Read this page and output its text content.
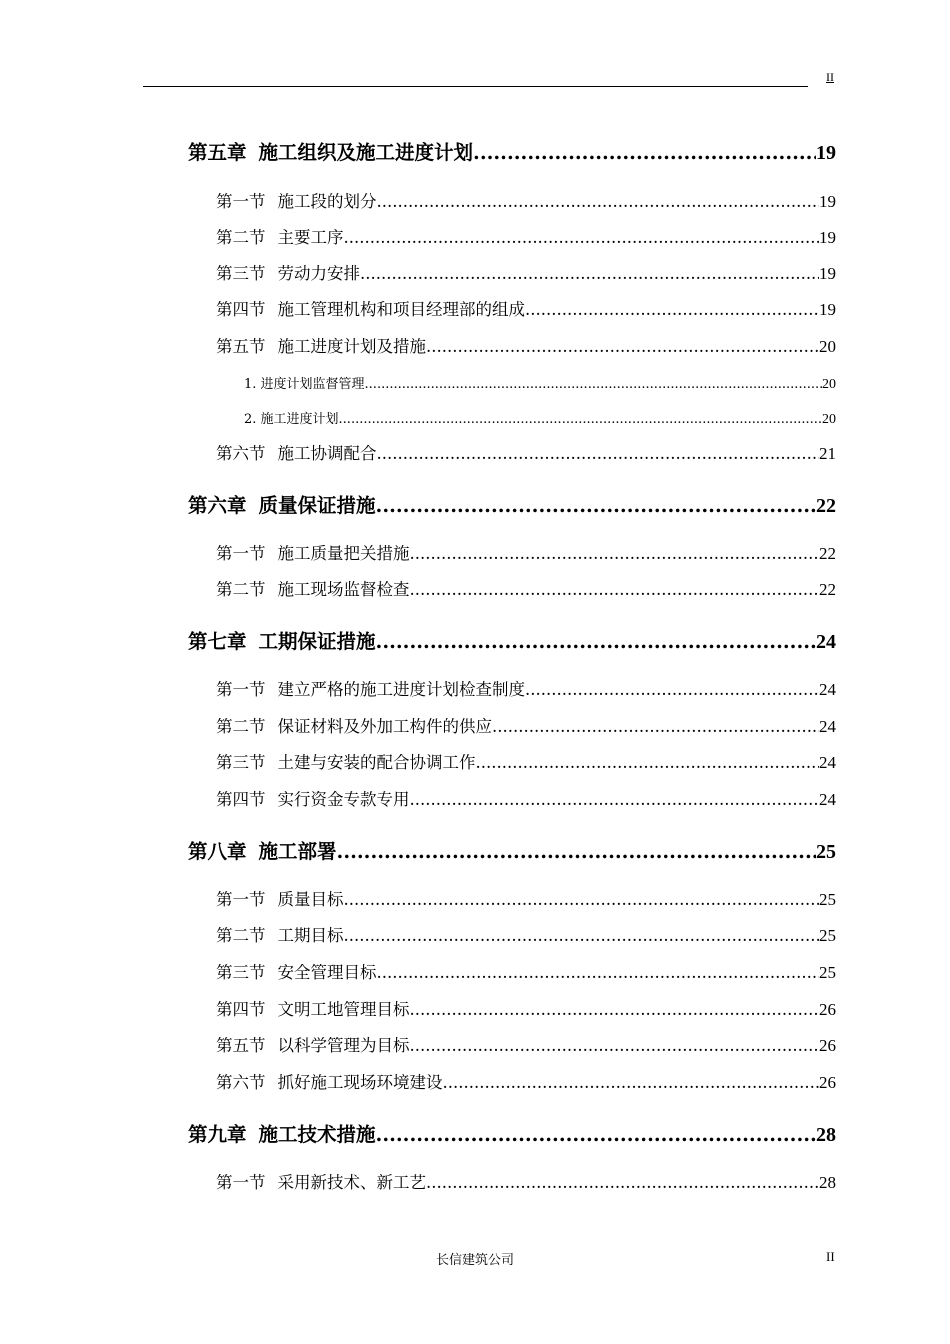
II
第五章 施工组织及施工进度计划 .....	19
第一节 施工段的划分 .....	19
第二节 主要工序 .....	19
第三节 劳动力安排 .....	19
第四节 施工管理机构和项目经理部的组成 .....	19
第五节 施工进度计划及措施 .....	20
1. 进度计划监督管理 .....	20
2. 施工进度计划 .....	20
第六节 施工协调配合 .....	21
第六章 质量保证措施 .....	22
第一节 施工质量把关措施 .....	22
第二节 施工现场监督检查 .....	22
第七章 工期保证措施 .....	24
第一节 建立严格的施工进度计划检查制度 .....	24
第二节 保证材料及外加工构件的供应 .....	24
第三节 土建与安装的配合协调工作 .....	24
第四节 实行资金专款专用 .....	24
第八章 施工部署 .....	25
第一节 质量目标 .....	25
第二节 工期目标 .....	25
第三节 安全管理目标 .....	25
第四节 文明工地管理目标 .....	26
第五节 以科学管理为目标 .....	26
第六节 抓好施工现场环境建设 .....	26
第九章 施工技术措施 .....	28
第一节 采用新技术、新工艺 .....	28
长信建筑公司	II
